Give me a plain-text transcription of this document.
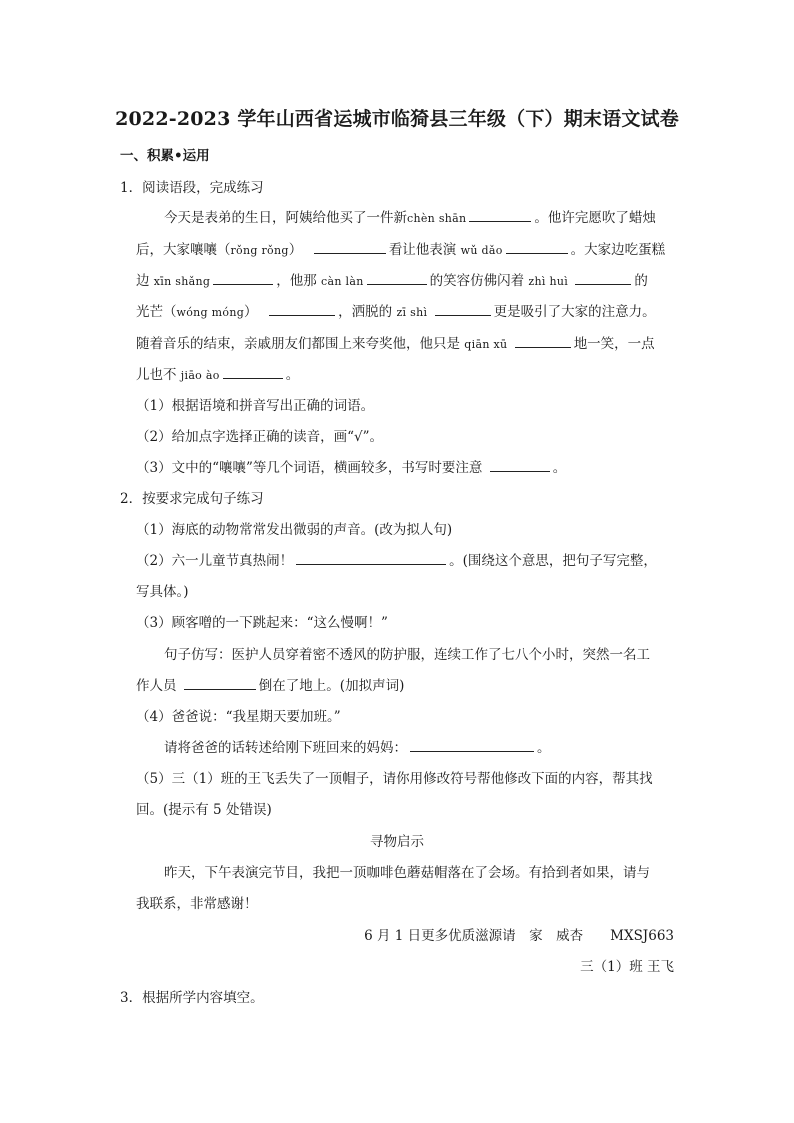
2022-2023 学年山西省运城市临猗县三年级（下）期末语文试卷
一、积累•运用
1．阅读语段，完成练习
今天是表弟的生日，阿姨给他买了一件新chèn shān	。他许完愿吹了蜡烛
后，大家嚷嚷（rǒng rǒng）	看让他表演 wǔ dǎo	。大家边吃蛋糕
边 xīn shǎng	，他那 càn làn	的笑容仿佛闪着 zhì huì	的
光芒（wóng móng）	，洒脱的 zī shì	更是吸引了大家的注意力。
随着音乐的结束，亲戚朋友们都围上来夸奖他，他只是 qiān xū	地一笑，一点
儿也不 jiāo ào	。
（1）根据语境和拼音写出正确的词语。
（2）给加点字选择正确的读音，画“√”。
（3）文中的“嚷嚷”等几个词语，横画较多，书写时要注意	。
2．按要求完成句子练习
（1）海底的动物常常发出微弱的声音。(改为拟人句)
（2）六一儿童节真热闹！	。(围绕这个意思，把句子写完整，
写具体。)
（3）顾客噌的一下跳起来：“这么慢啊！”
句子仿写：医护人员穿着密不透风的防护服，连续工作了七八个小时，突然一名工
作人员	倒在了地上。(加拟声词)
（4）爸爸说：“我星期天要加班。”
请将爸爸的话转述给刚下班回来的妈妈：	。
（5）三（1）班的王飞丢失了一顶帽子，请你用修改符号帮他修改下面的内容，帮其找
回。(提示有 5 处错误)
寻物启示
昨天，下午表演完节目，我把一顶咖啡色蘑菇帽落在了会场。有拾到者如果，请与
我联系，非常感谢！
6 月 1 日更多优质滋源请　家　威杏　　MXSJ663
三（1）班 王飞
3．根据所学内容填空。
